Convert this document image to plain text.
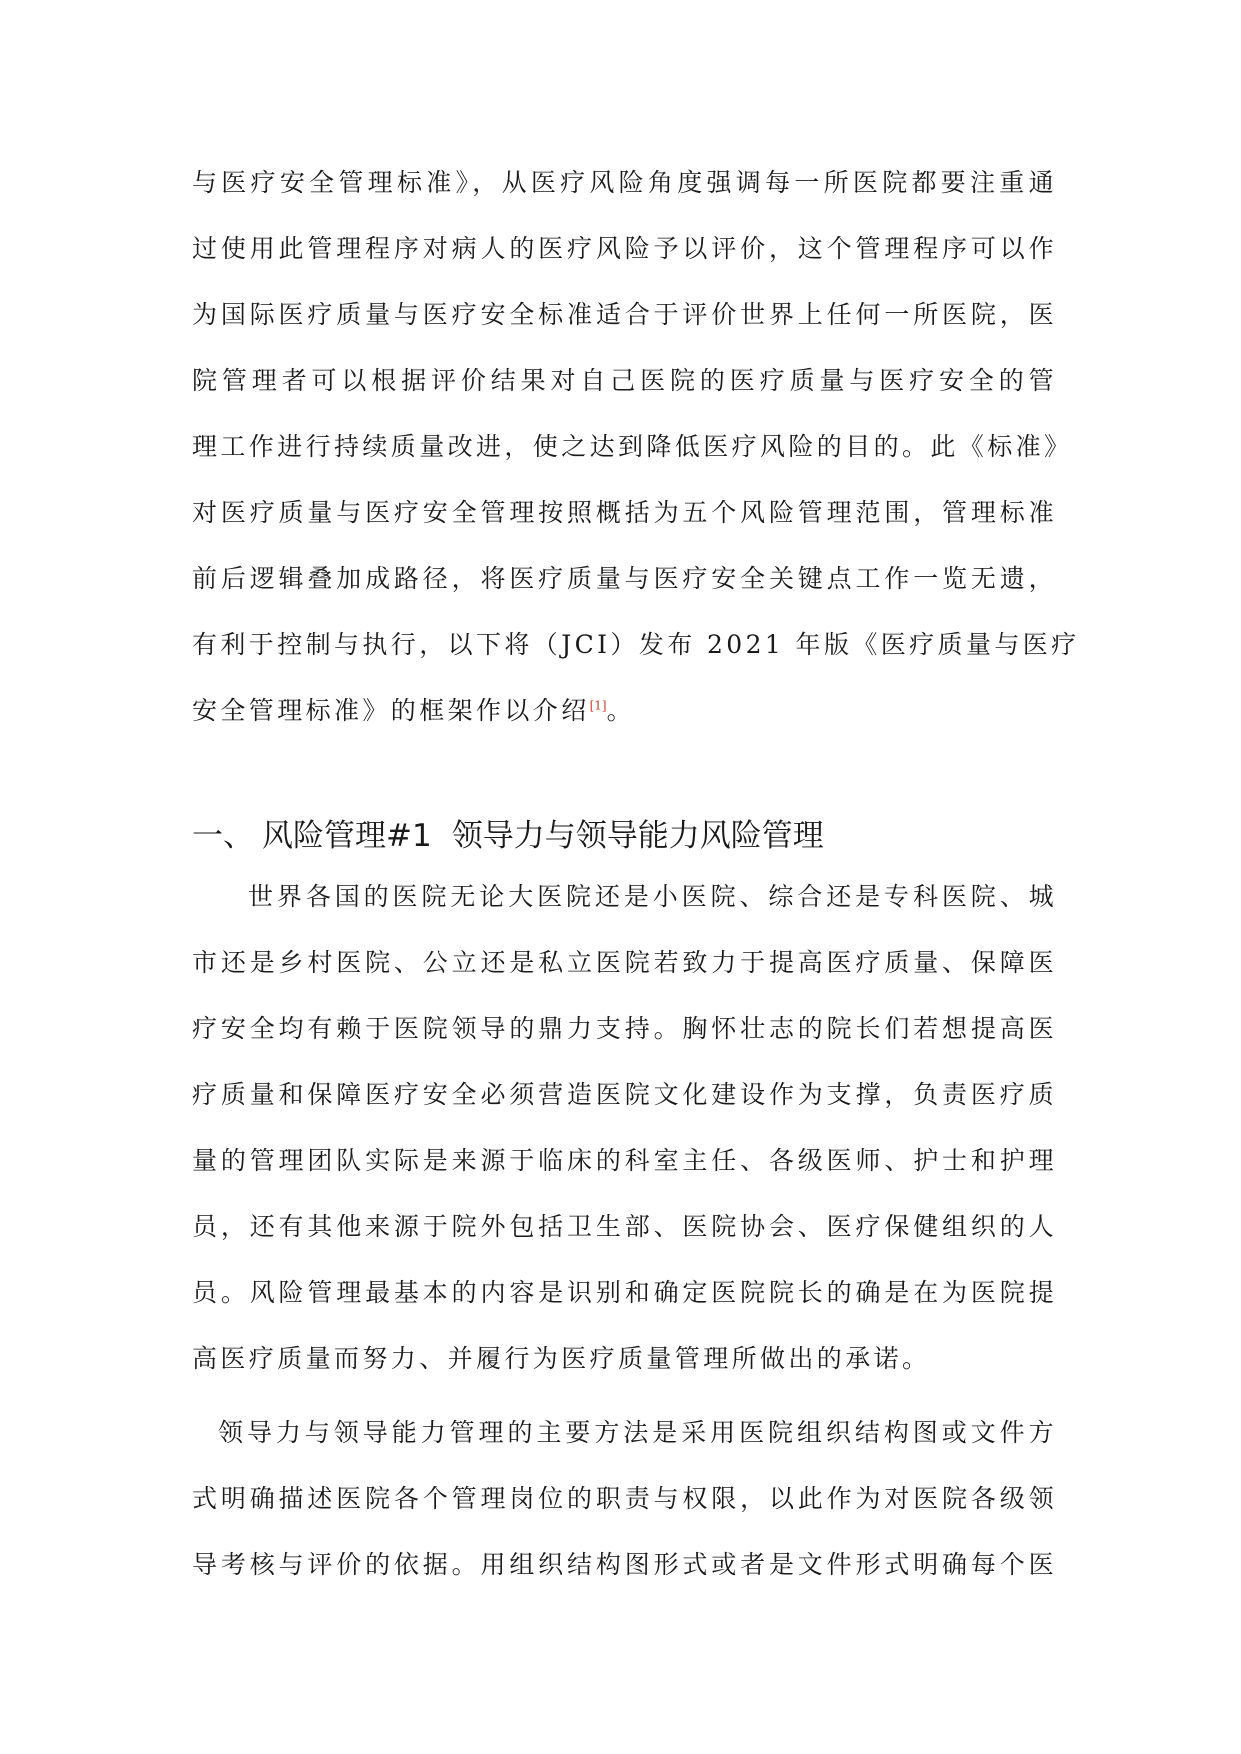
与医疗安全管理标准》，从医疗风险角度强调每一所医院都要注重通
过使用此管理程序对病人的医疗风险予以评价，这个管理程序可以作
为国际医疗质量与医疗安全标准适合于评价世界上任何一所医院，医
院管理者可以根据评价结果对自己医院的医疗质量与医疗安全的管
理工作进行持续质量改进，使之达到降低医疗风险的目的。此《标准》
对医疗质量与医疗安全管理按照概括为五个风险管理范围，管理标准
前后逻辑叠加成路径，将医疗质量与医疗安全关键点工作一览无遗，
有利于控制与执行，以下将（JCI）发布 2021 年版《医疗质量与医疗
安全管理标准》的框架作以介绍[1]。
一、 风险管理#1 领导力与领导能力风险管理
世界各国的医院无论大医院还是小医院、综合还是专科医院、城
市还是乡村医院、公立还是私立医院若致力于提高医疗质量、保障医
疗安全均有赖于医院领导的鼎力支持。胸怀壮志的院长们若想提高医
疗质量和保障医疗安全必须营造医院文化建设作为支撑，负责医疗质
量的管理团队实际是来源于临床的科室主任、各级医师、护士和护理
员，还有其他来源于院外包括卫生部、医院协会、医疗保健组织的人
员。风险管理最基本的内容是识别和确定医院院长的确是在为医院提
高医疗质量而努力、并履行为医疗质量管理所做出的承诺。
领导力与领导能力管理的主要方法是采用医院组织结构图或文件方
式明确描述医院各个管理岗位的职责与权限，以此作为对医院各级领
导考核与评价的依据。用组织结构图形式或者是文件形式明确每个医
